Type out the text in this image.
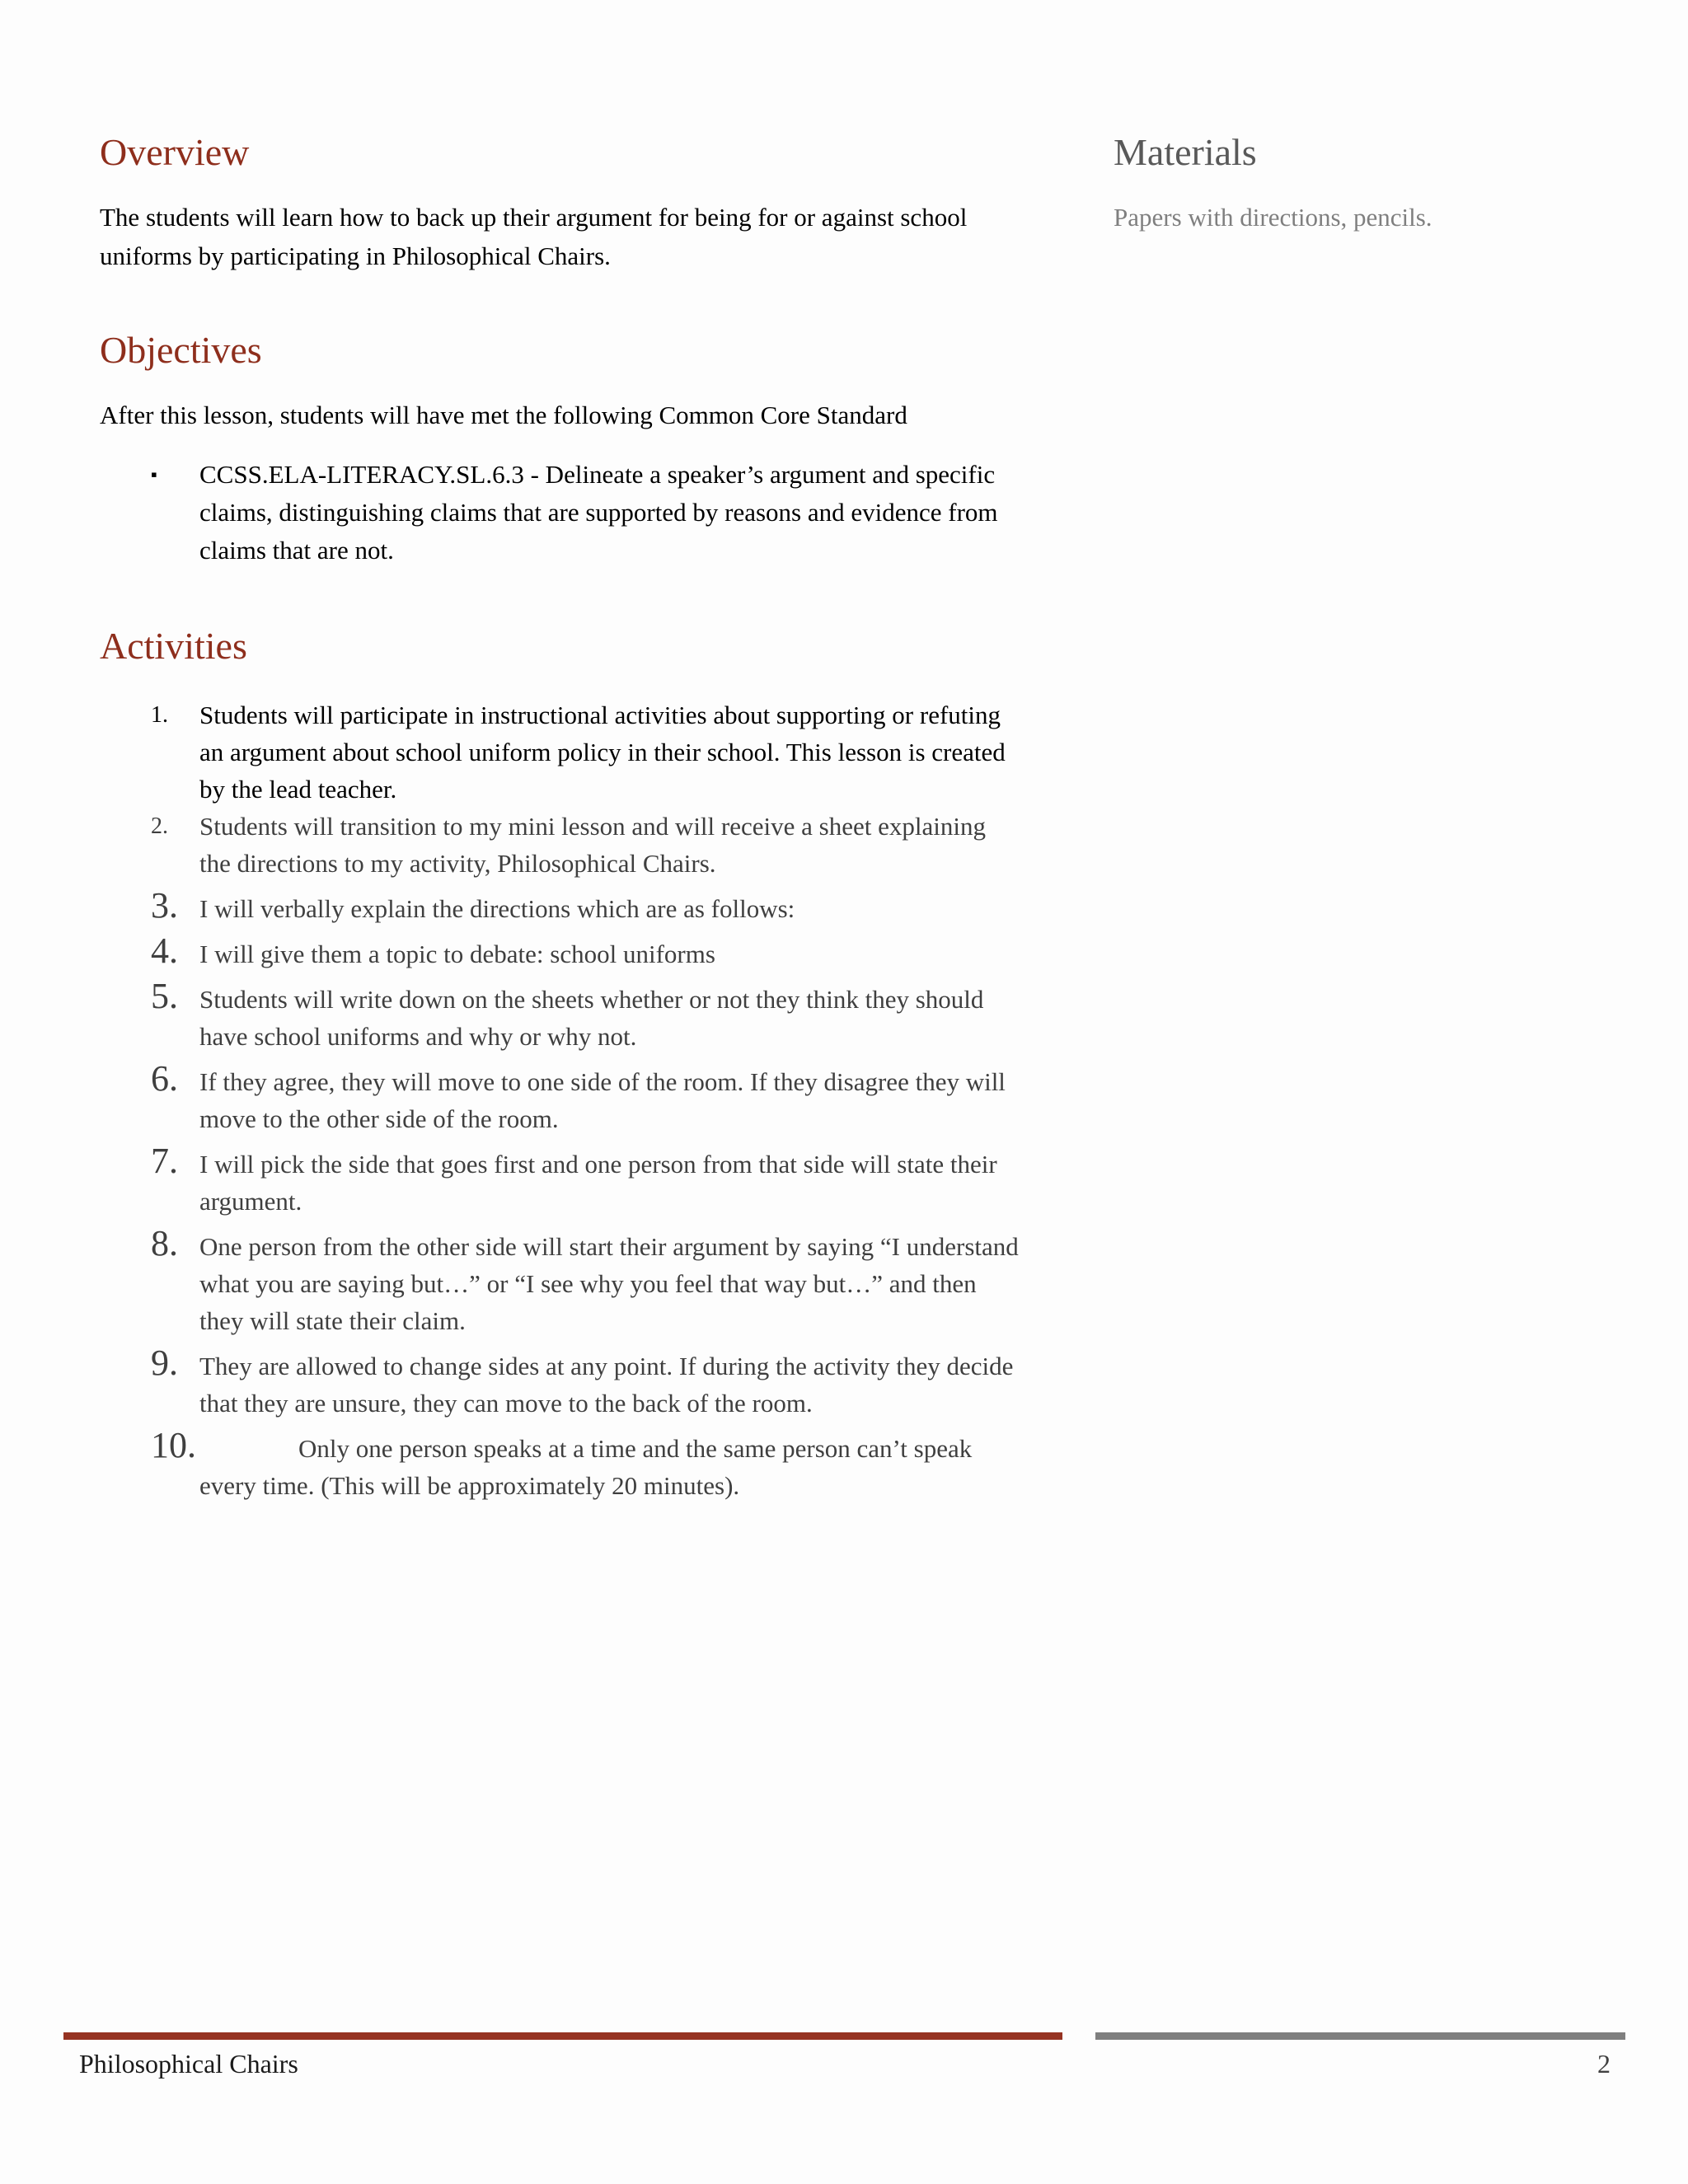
Overview

The students will learn how to back up their argument for being for or against school uniforms by participating in Philosophical Chairs.

Objectives

After this lesson, students will have met the following Common Core Standard

▪ CCSS.ELA-LITERACY.SL.6.3 - Delineate a speaker’s argument and specific claims, distinguishing claims that are supported by reasons and evidence from claims that are not.
Activities
1. Students will participate in instructional activities about supporting or refuting an argument about school uniform policy in their school. This lesson is created by the lead teacher.
2. Students will transition to my mini lesson and will receive a sheet explaining the directions to my activity, Philosophical Chairs.
3. I will verbally explain the directions which are as follows:
4. I will give them a topic to debate: school uniforms
5. Students will write down on the sheets whether or not they think they should have school uniforms and why or why not.
6. If they agree, they will move to one side of the room. If they disagree they will move to the other side of the room.
7. I will pick the side that goes first and one person from that side will state their argument.
8. One person from the other side will start their argument by saying “I understand what you are saying but…” or “I see why you feel that way but…” and then they will state their claim.
9. They are allowed to change sides at any point. If during the activity they decide that they are unsure, they can move to the back of the room.
10.	Only one person speaks at a time and the same person can’t speak every time. (This will be approximately 20 minutes).
Materials

Papers with directions, pencils.

Philosophical Chairs	2
